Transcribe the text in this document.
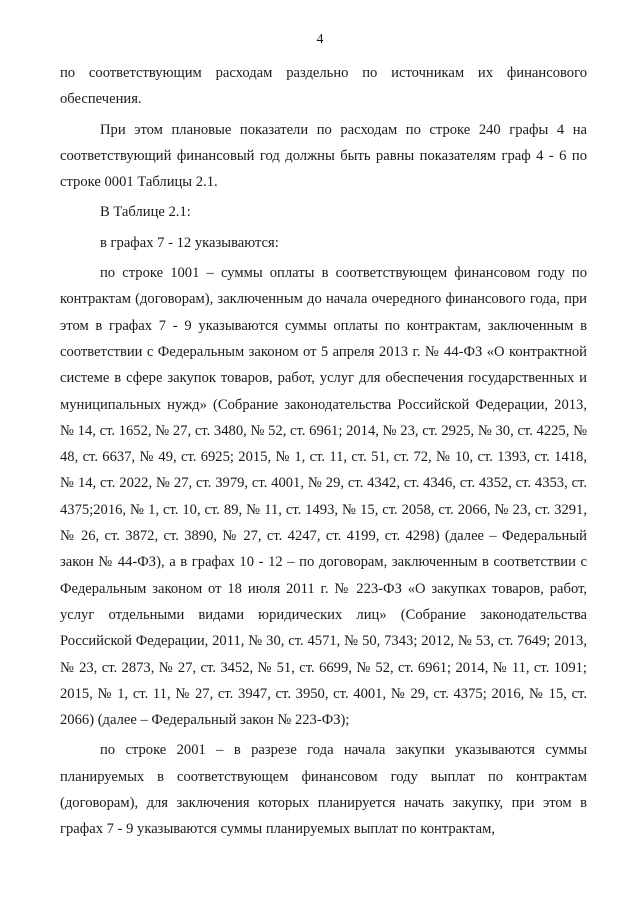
4

по соответствующим расходам раздельно по источникам их финансового обеспечения.

При этом плановые показатели по расходам по строке 240 графы 4 на соответствующий финансовый год должны быть равны показателям граф 4 - 6 по строке 0001 Таблицы 2.1.

В Таблице 2.1:

в графах 7 - 12 указываются:

по строке 1001 – суммы оплаты в соответствующем финансовом году по контрактам (договорам), заключенным до начала очередного финансового года, при этом в графах 7 - 9 указываются суммы оплаты по контрактам, заключенным в соответствии с Федеральным законом от 5 апреля 2013 г. № 44-ФЗ «О контрактной системе в сфере закупок товаров, работ, услуг для обеспечения государственных и муниципальных нужд» (Собрание законодательства Российской Федерации, 2013, № 14, ст. 1652, № 27, ст. 3480, № 52, ст. 6961; 2014, № 23, ст. 2925, № 30, ст. 4225, № 48, ст. 6637, № 49, ст. 6925; 2015, № 1, ст. 11, ст. 51, ст. 72, № 10, ст. 1393, ст. 1418, № 14, ст. 2022, № 27, ст. 3979, ст. 4001, № 29, ст. 4342, ст. 4346, ст. 4352, ст. 4353, ст. 4375;2016, № 1, ст. 10, ст. 89, № 11, ст. 1493, № 15, ст. 2058, ст. 2066, № 23, ст. 3291, № 26, ст. 3872, ст. 3890, № 27, ст. 4247, ст. 4199, ст. 4298) (далее – Федеральный закон № 44-ФЗ), а в графах 10 - 12 – по договорам, заключенным в соответствии с Федеральным законом от 18 июля 2011 г. № 223-ФЗ «О закупках товаров, работ, услуг отдельными видами юридических лиц» (Собрание законодательства Российской Федерации, 2011, № 30, ст. 4571, № 50, 7343; 2012, № 53, ст. 7649; 2013, № 23, ст. 2873, № 27, ст. 3452, № 51, ст. 6699, № 52, ст. 6961; 2014, № 11, ст. 1091; 2015, № 1, ст. 11, № 27, ст. 3947, ст. 3950, ст. 4001, № 29, ст. 4375; 2016, № 15, ст. 2066) (далее – Федеральный закон № 223-ФЗ);

по строке 2001 – в разрезе года начала закупки указываются суммы планируемых в соответствующем финансовом году выплат по контрактам (договорам), для заключения которых планируется начать закупку, при этом в графах 7 - 9 указываются суммы планируемых выплат по контрактам,
